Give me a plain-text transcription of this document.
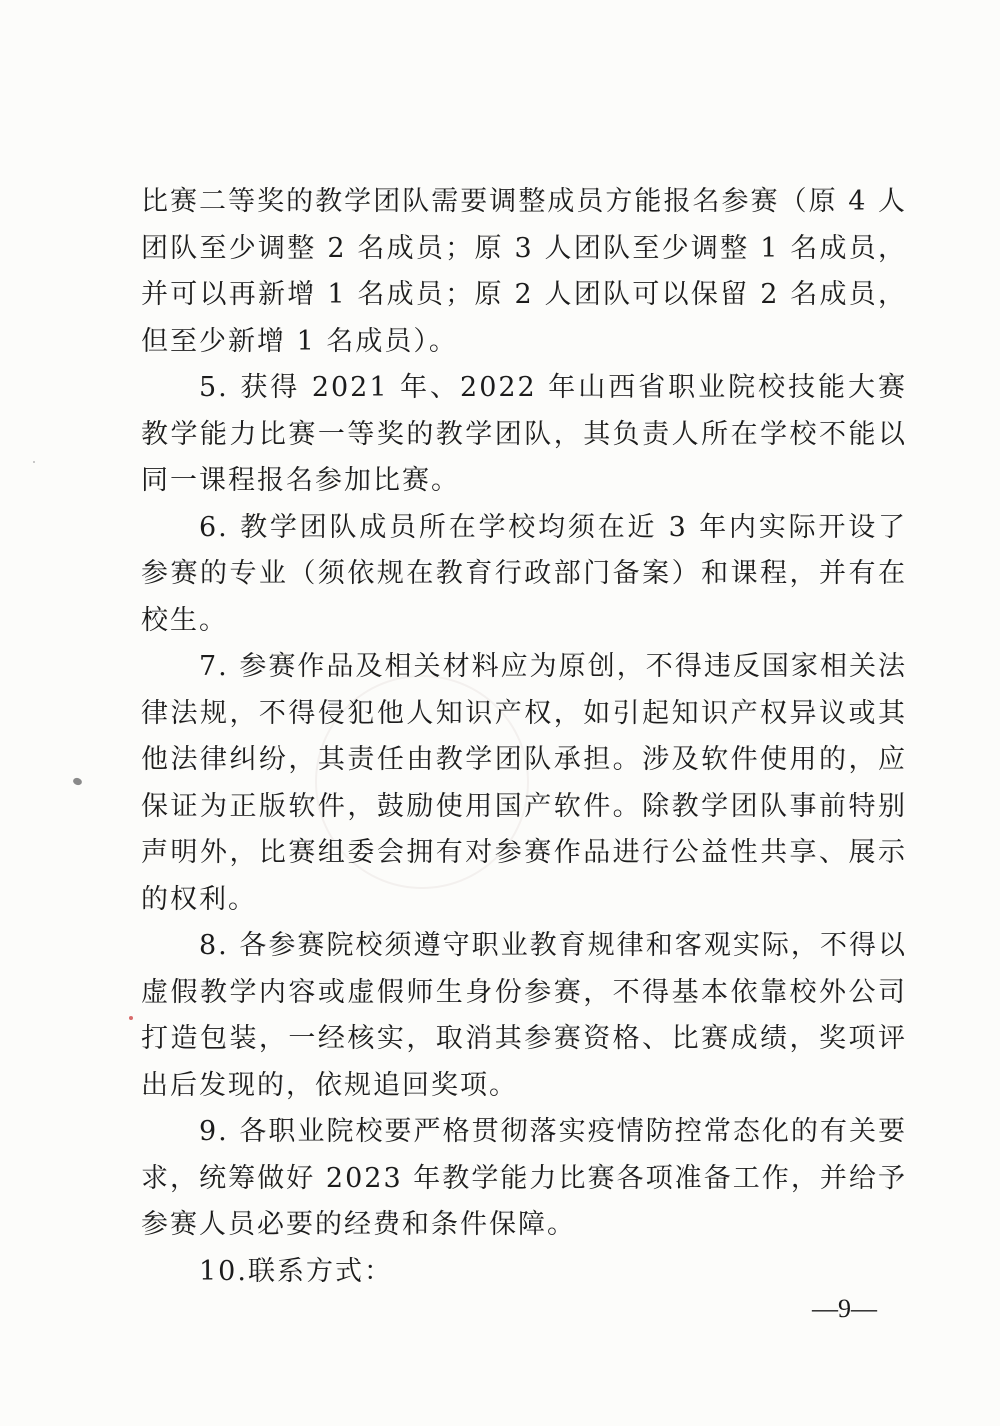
比赛二等奖的教学团队需要调整成员方能报名参赛（原 4 人团队至少调整 2 名成员；原 3 人团队至少调整 1 名成员，并可以再新增 1 名成员；原 2 人团队可以保留 2 名成员，但至少新增 1 名成员）。

5. 获得 2021 年、2022 年山西省职业院校技能大赛教学能力比赛一等奖的教学团队，其负责人所在学校不能以同一课程报名参加比赛。

6. 教学团队成员所在学校均须在近 3 年内实际开设了参赛的专业（须依规在教育行政部门备案）和课程，并有在校生。

7. 参赛作品及相关材料应为原创，不得违反国家相关法律法规，不得侵犯他人知识产权，如引起知识产权异议或其他法律纠纷，其责任由教学团队承担。涉及软件使用的，应保证为正版软件，鼓励使用国产软件。除教学团队事前特别声明外，比赛组委会拥有对参赛作品进行公益性共享、展示的权利。

8. 各参赛院校须遵守职业教育规律和客观实际，不得以虚假教学内容或虚假师生身份参赛，不得基本依靠校外公司打造包装，一经核实，取消其参赛资格、比赛成绩，奖项评出后发现的，依规追回奖项。

9. 各职业院校要严格贯彻落实疫情防控常态化的有关要求，统筹做好 2023 年教学能力比赛各项准备工作，并给予参赛人员必要的经费和条件保障。

10.联系方式：

—9—
